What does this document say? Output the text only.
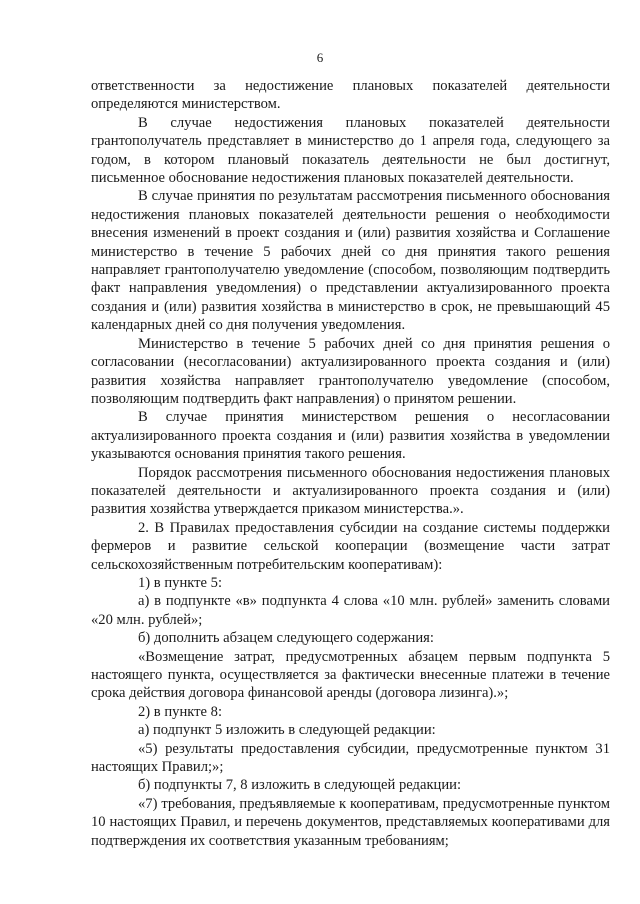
6

ответственности за недостижение плановых показателей деятельности определяются министерством.

В случае недостижения плановых показателей деятельности грантополучатель представляет в министерство до 1 апреля года, следующего за годом, в котором плановый показатель деятельности не был достигнут, письменное обоснование недостижения плановых показателей деятельности.

В случае принятия по результатам рассмотрения письменного обоснования недостижения плановых показателей деятельности решения о необходимости внесения изменений в проект создания и (или) развития хозяйства и Соглашение министерство в течение 5 рабочих дней со дня принятия такого решения направляет грантополучателю уведомление (способом, позволяющим подтвердить факт направления уведомления) о представлении актуализированного проекта создания и (или) развития хозяйства в министерство в срок, не превышающий 45 календарных дней со дня получения уведомления.

Министерство в течение 5 рабочих дней со дня принятия решения о согласовании (несогласовании) актуализированного проекта создания и (или) развития хозяйства направляет грантополучателю уведомление (способом, позволяющим подтвердить факт направления) о принятом решении.

В случае принятия министерством решения о несогласовании актуализированного проекта создания и (или) развития хозяйства в уведомлении указываются основания принятия такого решения.

Порядок рассмотрения письменного обоснования недостижения плановых показателей деятельности и актуализированного проекта создания и (или) развития хозяйства утверждается приказом министерства.».

2. В Правилах предоставления субсидии на создание системы поддержки фермеров и развитие сельской кооперации (возмещение части затрат сельскохозяйственным потребительским кооперативам):

1) в пункте 5:

а) в подпункте «в» подпункта 4 слова «10 млн. рублей» заменить словами «20 млн. рублей»;

б) дополнить абзацем следующего содержания:

«Возмещение затрат, предусмотренных абзацем первым подпункта 5 настоящего пункта, осуществляется за фактически внесенные платежи в течение срока действия договора финансовой аренды (договора лизинга).»;

2) в пункте 8:

а) подпункт 5 изложить в следующей редакции:

«5) результаты предоставления субсидии, предусмотренные пунктом 31 настоящих Правил;»;

б) подпункты 7, 8 изложить в следующей редакции:

«7) требования, предъявляемые к кооперативам, предусмотренные пунктом 10 настоящих Правил, и перечень документов, представляемых кооперативами для подтверждения их соответствия указанным требованиям;
